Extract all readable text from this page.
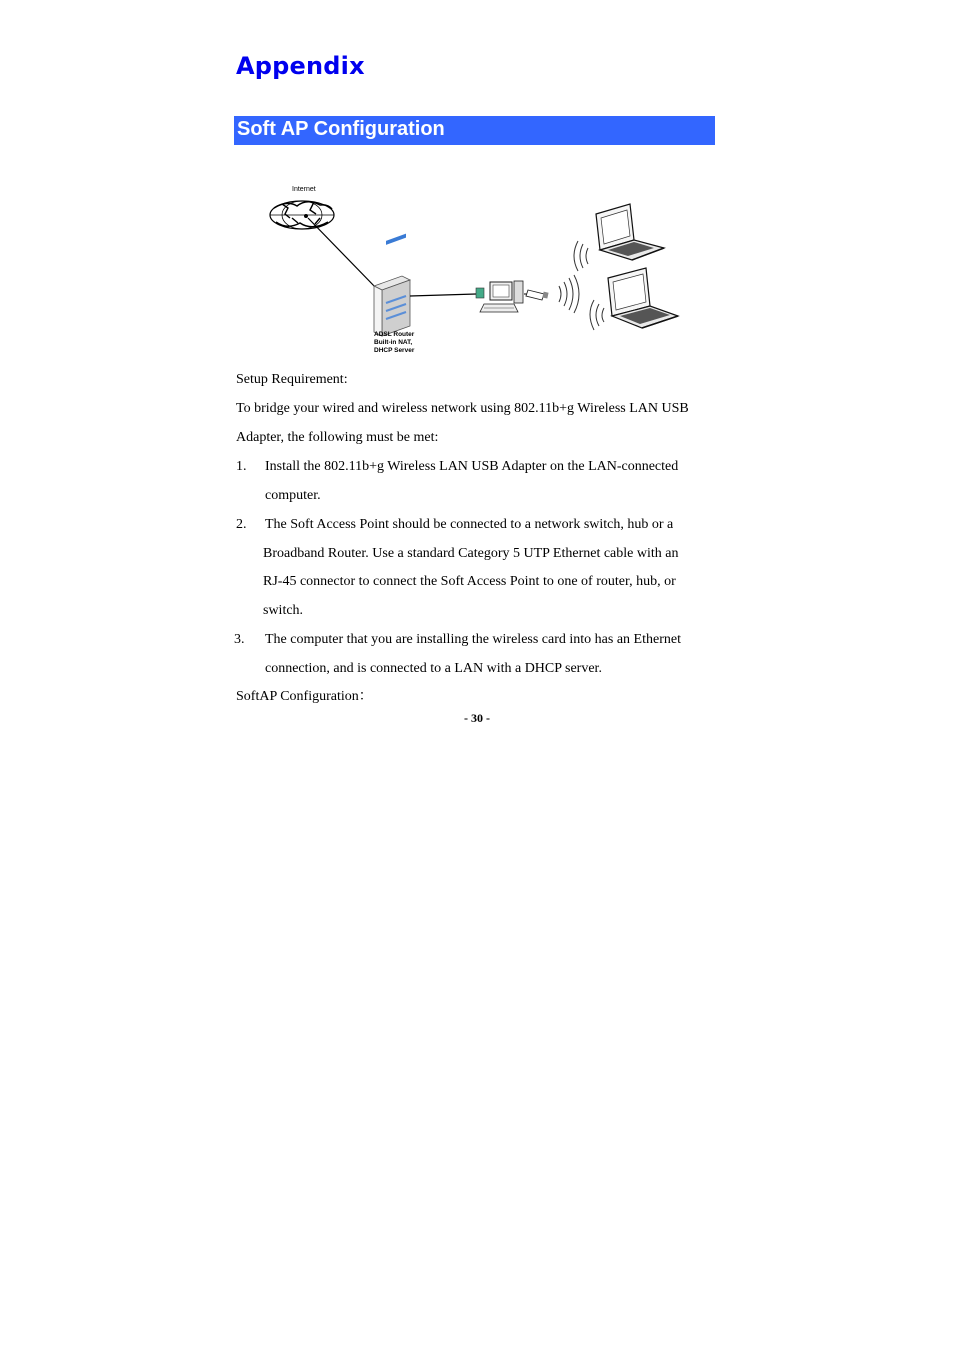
Appendix
Soft AP Configuration
Internet
ADSL Router
Built-in NAT,
DHCP Server

Setup Requirement:

To bridge your wired and wireless network using 802.11b+g Wireless LAN USB

Adapter, the following must be met:

1. Install the 802.11b+g Wireless LAN USB Adapter on the LAN-connected

computer.

2. The Soft Access Point should be connected to a network switch, hub or a

Broadband Router. Use a standard Category 5 UTP Ethernet cable with an

RJ-45 connector to connect the Soft Access Point to one of router, hub, or

switch.

3. The computer that you are installing the wireless card into has an Ethernet

connection, and is connected to a LAN with a DHCP server.

SoftAP Configuration：

- 30 -
